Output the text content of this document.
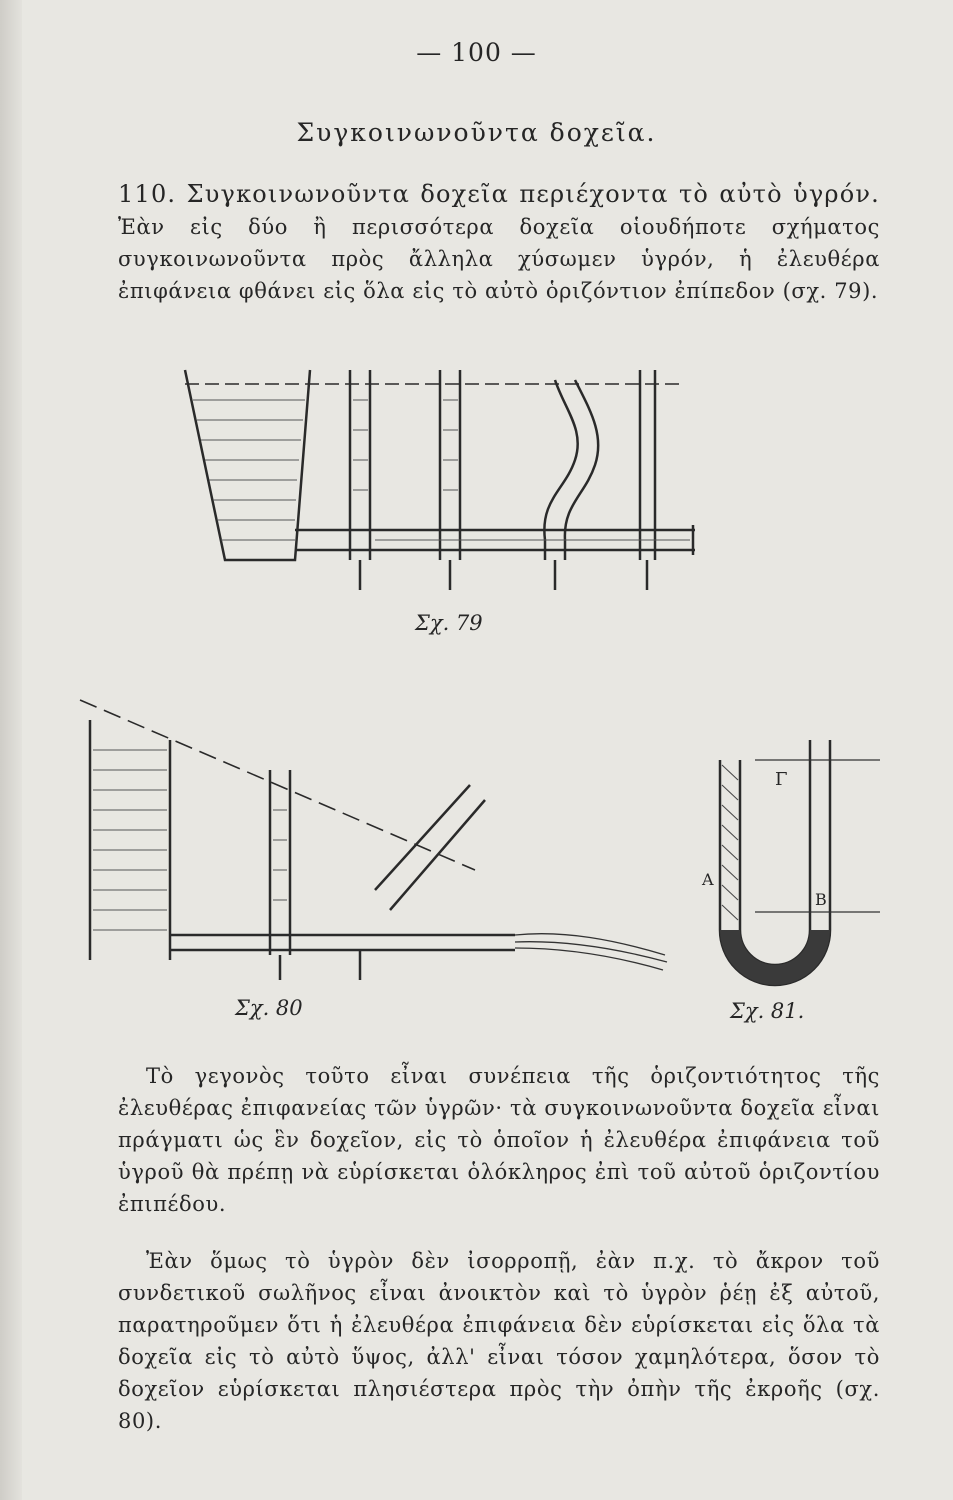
— 100 —
Συγκοινωνοῦντα δοχεῖα.

110. Συγκοινωνοῦντα δοχεῖα περιέχοντα τὸ αὐτὸ ὑγρόν. Ἐὰν εἰς δύο ἢ περισσότερα δοχεῖα οἱουδήποτε σχήματος συγκοινωνοῦντα πρὸς ἄλληλα χύσωμεν ὑγρόν, ἡ ἐλευθέρα ἐπιφάνεια φθάνει εἰς ὅλα εἰς τὸ αὐτὸ ὁριζόντιον ἐπίπεδον (σχ. 79).

Σχ. 79
Σχ. 80
Γ
Α
Β
Σχ. 81.

Τὸ γεγονὸς τοῦτο εἶναι συνέπεια τῆς ὁριζοντιότητος τῆς ἐλευθέρας ἐπιφανείας τῶν ὑγρῶν· τὰ συγκοινωνοῦντα δοχεῖα εἶναι πράγματι ὡς ἓν δοχεῖον, εἰς τὸ ὁποῖον ἡ ἐλευθέρα ἐπιφάνεια τοῦ ὑγροῦ θὰ πρέπῃ νὰ εὑρίσκεται ὁλόκληρος ἐπὶ τοῦ αὐτοῦ ὁριζοντίου ἐπιπέδου.

Ἐὰν ὅμως τὸ ὑγρὸν δὲν ἰσορροπῇ, ἐὰν π.χ. τὸ ἄκρον τοῦ συνδετικοῦ σωλῆνος εἶναι ἀνοικτὸν καὶ τὸ ὑγρὸν ῥέῃ ἐξ αὐτοῦ, παρατηροῦμεν ὅτι ἡ ἐλευθέρα ἐπιφάνεια δὲν εὑρίσκεται εἰς ὅλα τὰ δοχεῖα εἰς τὸ αὐτὸ ὕψος, ἀλλ' εἶναι τόσον χαμηλότερα, ὅσον τὸ δοχεῖον εὑρίσκεται πλησιέστερα πρὸς τὴν ὀπὴν τῆς ἐκροῆς (σχ. 80).
